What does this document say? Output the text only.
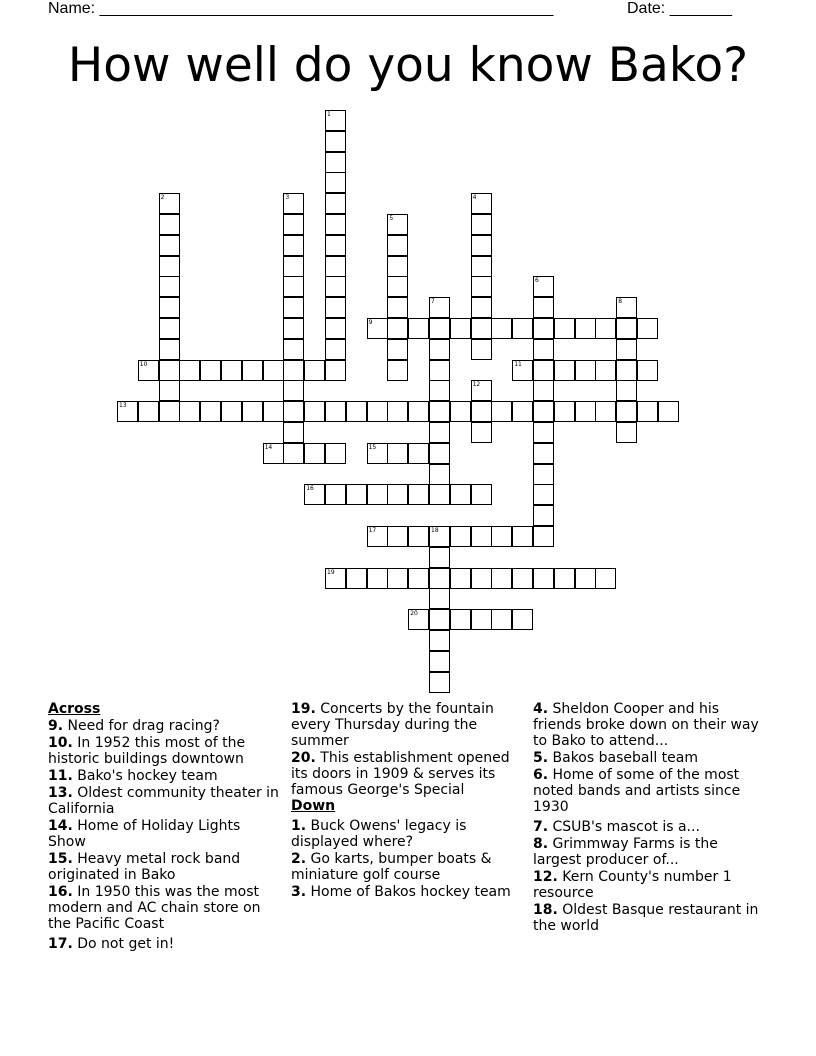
Name: ___________________________________________________	Date: _______
How well do you know Bako?
1
2	3	4
5
6
7	8
9
10	11
12
13
14	15
16
17	18
19
20
Across
9. Need for drag racing?
10. In 1952 this most of the historic buildings downtown
11. Bako's hockey team
13. Oldest community theater in California
14. Home of Holiday Lights Show
15. Heavy metal rock band originated in Bako
16. In 1950 this was the most modern and AC chain store on the Pacific Coast
17. Do not get in!
19. Concerts by the fountain every Thursday during the summer
20. This establishment opened its doors in 1909 & serves its famous George's Special
Down
1. Buck Owens' legacy is displayed where?
2. Go karts, bumper boats & miniature golf course
3. Home of Bakos hockey team
4. Sheldon Cooper and his friends broke down on their way to Bako to attend...
5. Bakos baseball team
6. Home of some of the most noted bands and artists since 1930
7. CSUB's mascot is a...
8. Grimmway Farms is the largest producer of...
12. Kern County's number 1 resource
18. Oldest Basque restaurant in the world
